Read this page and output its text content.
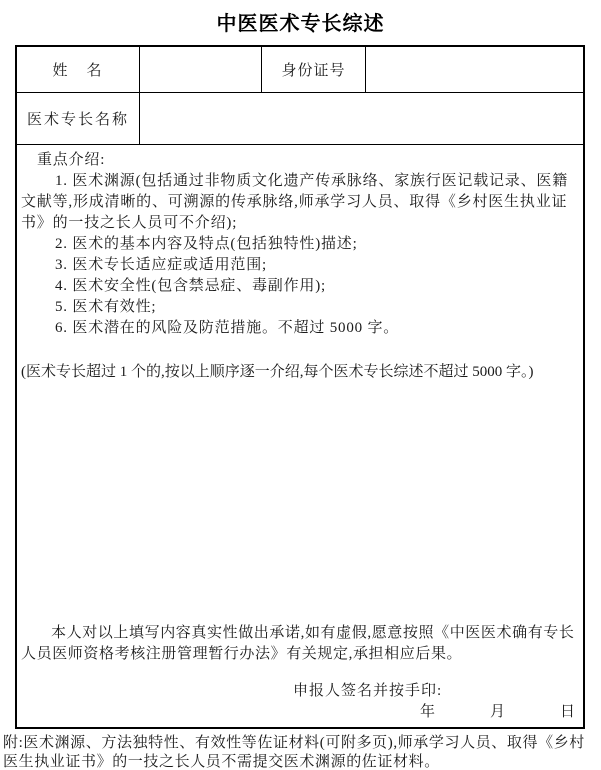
中医医术专长综述
姓　名	身份证号
医术专长名称

重点介绍:

1. 医术渊源(包括通过非物质文化遗产传承脉络、家族行医记载记录、医籍文献等,形成清晰的、可溯源的传承脉络,师承学习人员、取得《乡村医生执业证书》的一技之长人员可不介绍);

2. 医术的基本内容及特点(包括独特性)描述;

3. 医术专长适应症或适用范围;

4. 医术安全性(包含禁忌症、毒副作用);

5. 医术有效性;

6. 医术潜在的风险及防范措施。不超过 5000 字。

(医术专长超过 1 个的,按以上顺序逐一介绍,每个医术专长综述不超过 5000 字。)

本人对以上填写内容真实性做出承诺,如有虚假,愿意按照《中医医术确有专长人员医师资格考核注册管理暂行办法》有关规定,承担相应后果。

申报人签名并按手印:

年	月	日
附:医术渊源、方法独特性、有效性等佐证材料(可附多页),师承学习人员、取得《乡村医生执业证书》的一技之长人员不需提交医术渊源的佐证材料。
